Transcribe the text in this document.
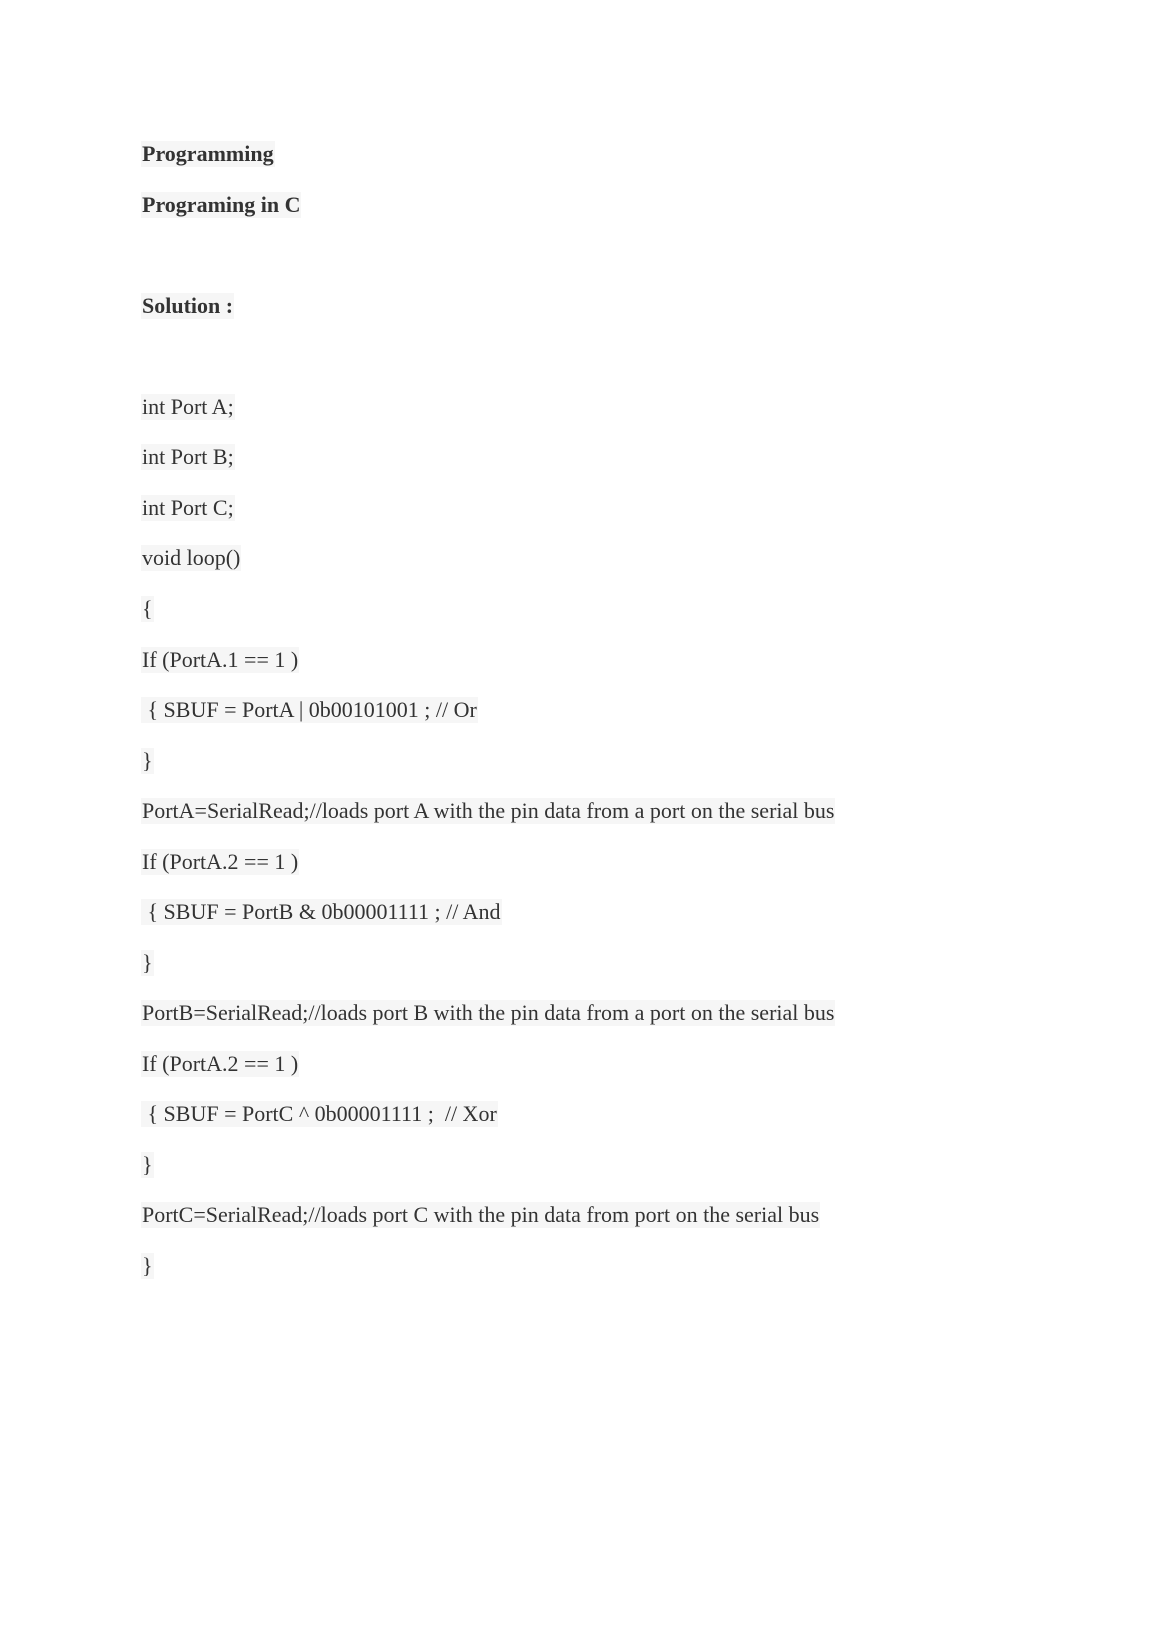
Programming
Programing in C
Solution :
int Port A;
int Port B;
int Port C;
void loop()
{
If (PortA.1 == 1 )
{ SBUF = PortA | 0b00101001 ; // Or
}
PortA=SerialRead;//loads port A with the pin data from a port on the serial bus
If (PortA.2 == 1 )
{ SBUF = PortB & 0b00001111 ; // And
}
PortB=SerialRead;//loads port B with the pin data from a port on the serial bus
If (PortA.2 == 1 )
{ SBUF = PortC ^ 0b00001111 ;  // Xor
}
PortC=SerialRead;//loads port C with the pin data from port on the serial bus
}
